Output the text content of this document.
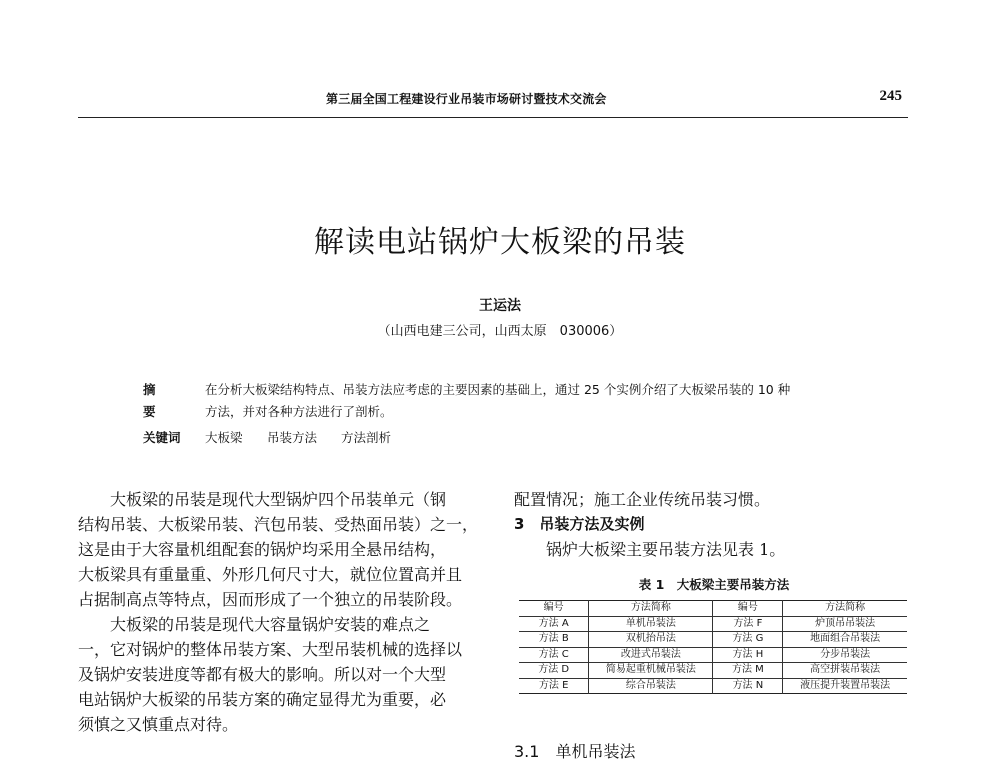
第三届全国工程建设行业吊装市场研讨暨技术交流会	245
解读电站锅炉大板梁的吊装
王运法
（山西电建三公司，山西太原　030006）
摘　要
在分析大板梁结构特点、吊装方法应考虑的主要因素的基础上，通过 25 个实例介绍了大板梁吊装的 10 种
方法，并对各种方法进行了剖析。
关键词 大板梁 吊装方法 方法剖析
大板梁的吊装是现代大型锅炉四个吊装单元（钢
结构吊装、大板梁吊装、汽包吊装、受热面吊装）之一，
这是由于大容量机组配套的锅炉均采用全悬吊结构，
大板梁具有重量重、外形几何尺寸大，就位位置高并且
占据制高点等特点，因而形成了一个独立的吊装阶段。
大板梁的吊装是现代大容量锅炉安装的难点之
一，它对锅炉的整体吊装方案、大型吊装机械的选择以
及锅炉安装进度等都有极大的影响。所以对一个大型
电站锅炉大板梁的吊装方案的确定显得尤为重要，必
须慎之又慎重点对待。
配置情况；施工企业传统吊装习惯。
3　吊装方法及实例
锅炉大板梁主要吊装方法见表 1。
表 1　大板梁主要吊装方法
编号	方法简称	编号	方法简称
方法 A	单机吊装法	方法 F	炉顶吊吊装法
方法 B	双机抬吊法	方法 G	地面组合吊装法
方法 C	改进式吊装法	方法 H	分步吊装法
方法 D	简易起重机械吊装法	方法 M	高空拼装吊装法
方法 E	综合吊装法	方法 N	液压提升装置吊装法
3.1　单机吊装法
